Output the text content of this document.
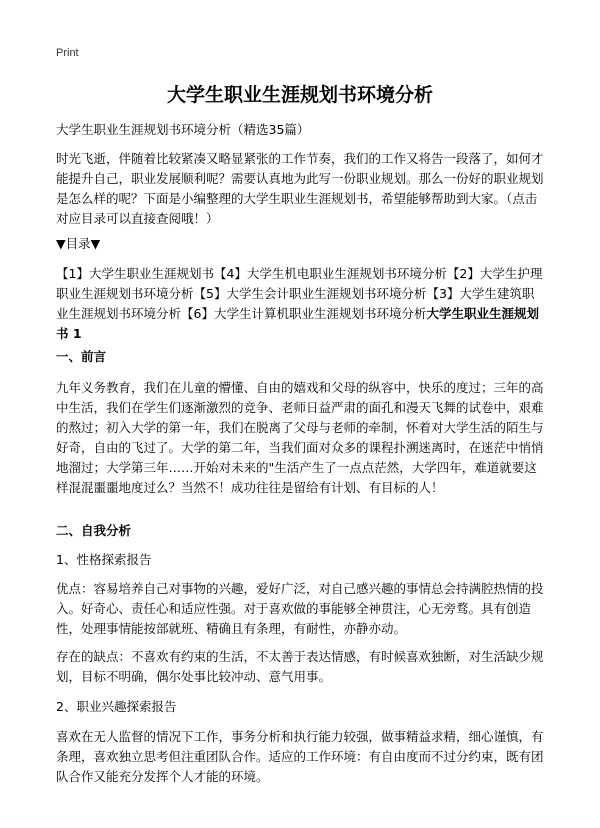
Print
大学生职业生涯规划书环境分析
大学生职业生涯规划书环境分析（精选35篇）
时光飞逝，伴随着比较紧凑又略显紧张的工作节奏，我们的工作又将告一段落了，如何才能提升自己，职业发展顺利呢？需要认真地为此写一份职业规划。那么一份好的职业规划是怎么样的呢？下面是小编整理的大学生职业生涯规划书，希望能够帮助到大家。（点击对应目录可以直接查阅哦！）
▼目录▼
【1】大学生职业生涯规划书【4】大学生机电职业生涯规划书环境分析【2】大学生护理职业生涯规划书环境分析【5】大学生会计职业生涯规划书环境分析【3】大学生建筑职业生涯规划书环境分析【6】大学生计算机职业生涯规划书环境分析大学生职业生涯规划书 1
一、前言
九年义务教育，我们在儿童的懵懂、自由的嬉戏和父母的纵容中，快乐的度过；三年的高中生活，我们在学生们逐渐激烈的竞争、老师日益严肃的面孔和漫天飞舞的试卷中，艰难的熬过；初入大学的第一年，我们在脱离了父母与老师的牵制，怀着对大学生活的陌生与好奇，自由的飞过了。大学的第二年，当我们面对众多的课程扑溯迷离时，在迷茫中悄悄地溜过；大学第三年……开始对未来的"生活产生了一点点茫然，大学四年，难道就要这样混混噩噩地度过么？当然不！成功往往是留给有计划、有目标的人！
二、自我分析
1、性格探索报告
优点：容易培养自己对事物的兴趣，爱好广泛，对自己感兴趣的事情总会持满腔热情的投入。好奇心、责任心和适应性强。对于喜欢做的事能够全神贯注，心无旁骛。具有创造性，处理事情能按部就班、精确且有条理，有耐性，亦静亦动。
存在的缺点：不喜欢有约束的生活，不太善于表达情感，有时候喜欢独断，对生活缺少规划，目标不明确，偶尔处事比较冲动、意气用事。
2、职业兴趣探索报告
喜欢在无人监督的情况下工作，事务分析和执行能力较强，做事精益求精，细心谨慎，有条理，喜欢独立思考但注重团队合作。适应的工作环境：有自由度而不过分约束，既有团队合作又能充分发挥个人才能的环境。
